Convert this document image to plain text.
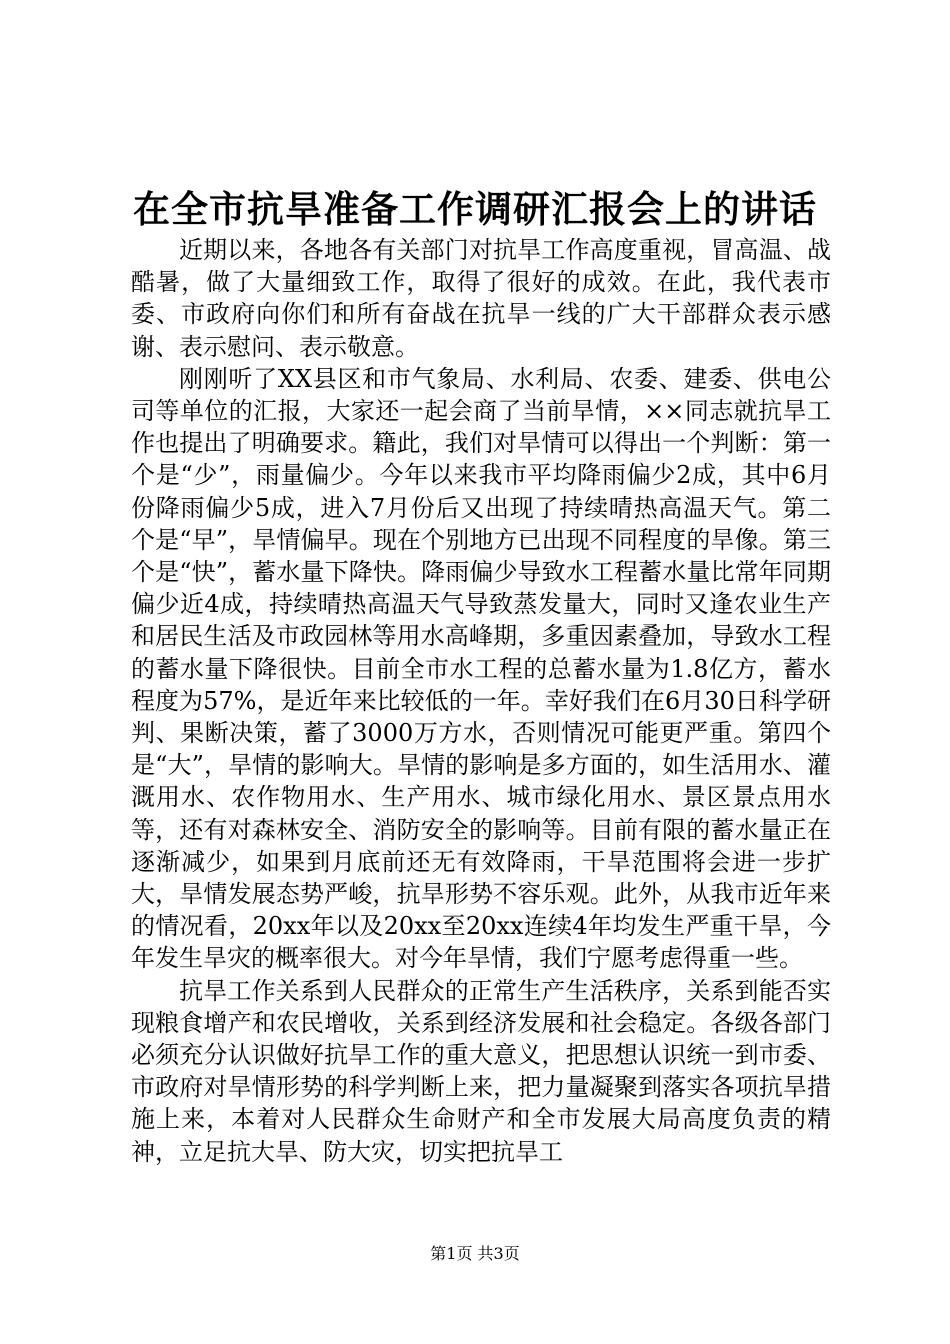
在全市抗旱准备工作调研汇报会上的讲话

近期以来，各地各有关部门对抗旱工作高度重视，冒高温、战酷暑，做了大量细致工作，取得了很好的成效。在此，我代表市委、市政府向你们和所有奋战在抗旱一线的广大干部群众表示感谢、表示慰问、表示敬意。

刚刚听了XX县区和市气象局、水利局、农委、建委、供电公司等单位的汇报，大家还一起会商了当前旱情，××同志就抗旱工作也提出了明确要求。籍此，我们对旱情可以得出一个判断：第一个是“少”，雨量偏少。今年以来我市平均降雨偏少2成，其中6月份降雨偏少5成，进入7月份后又出现了持续晴热高温天气。第二个是“早”，旱情偏早。现在个别地方已出现不同程度的旱像。第三个是“快”，蓄水量下降快。降雨偏少导致水工程蓄水量比常年同期偏少近4成，持续晴热高温天气导致蒸发量大，同时又逢农业生产和居民生活及市政园林等用水高峰期，多重因素叠加，导致水工程的蓄水量下降很快。目前全市水工程的总蓄水量为1.8亿方，蓄水程度为57%，是近年来比较低的一年。幸好我们在6月30日科学研判、果断决策，蓄了3000万方水，否则情况可能更严重。第四个是“大”，旱情的影响大。旱情的影响是多方面的，如生活用水、灌溉用水、农作物用水、生产用水、城市绿化用水、景区景点用水等，还有对森林安全、消防安全的影响等。目前有限的蓄水量正在逐渐减少，如果到月底前还无有效降雨，干旱范围将会进一步扩大，旱情发展态势严峻，抗旱形势不容乐观。此外，从我市近年来的情况看，20xx年以及20xx至20xx连续4年均发生严重干旱，今年发生旱灾的概率很大。对今年旱情，我们宁愿考虑得重一些。

抗旱工作关系到人民群众的正常生产生活秩序，关系到能否实现粮食增产和农民增收，关系到经济发展和社会稳定。各级各部门必须充分认识做好抗旱工作的重大意义，把思想认识统一到市委、市政府对旱情形势的科学判断上来，把力量凝聚到落实各项抗旱措施上来，本着对人民群众生命财产和全市发展大局高度负责的精神，立足抗大旱、防大灾，切实把抗旱工

第1页 共3页
